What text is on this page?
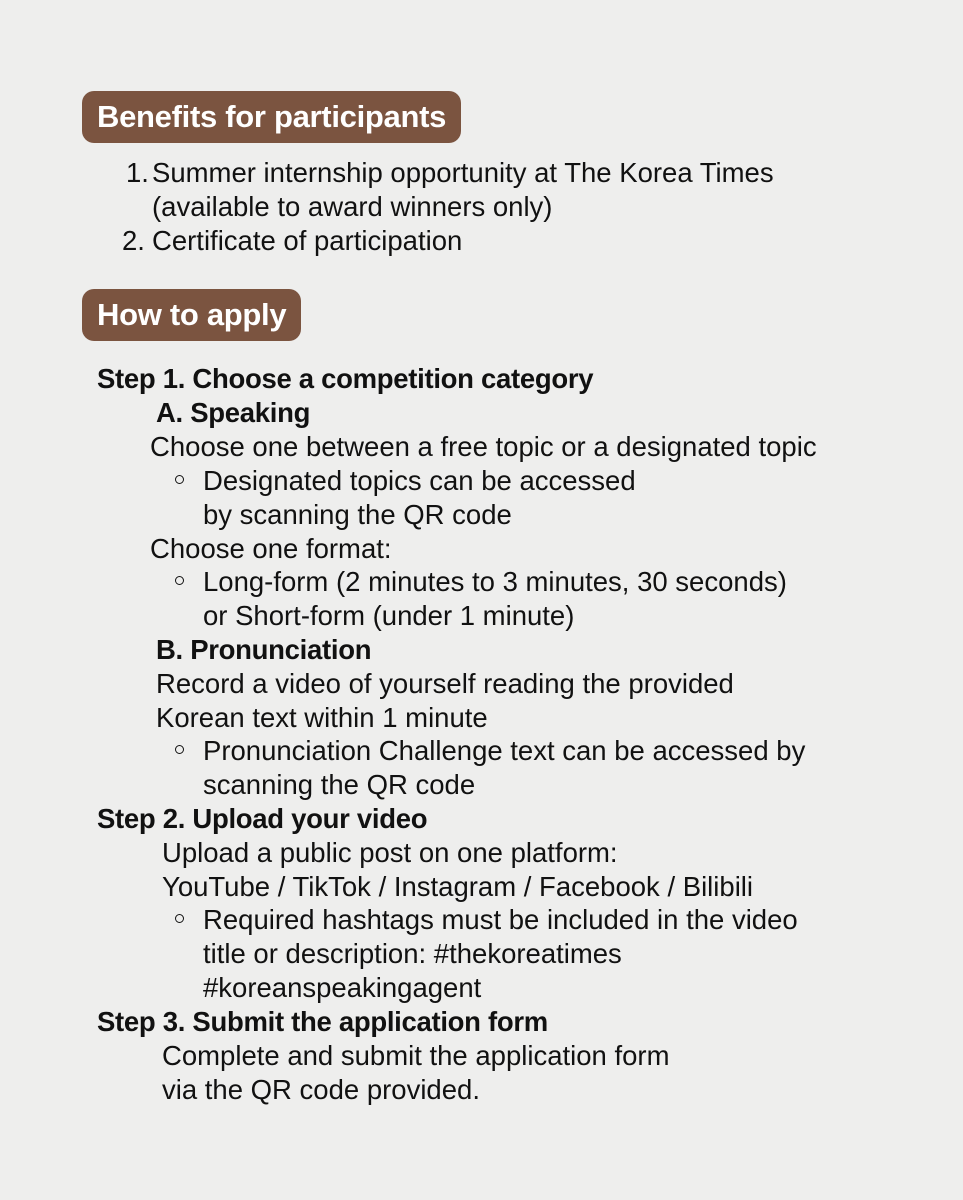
Benefits for participants
1. Summer internship opportunity at The Korea Times
(available to award winners only)
2. Certificate of participation
How to apply
Step 1. Choose a competition category
A. Speaking
Choose one between a free topic or a designated topic
Designated topics can be accessed
by scanning the QR code
Choose one format:
Long-form (2 minutes to 3 minutes, 30 seconds)
or Short-form (under 1 minute)
B. Pronunciation
Record a video of yourself reading the provided
Korean text within 1 minute
Pronunciation Challenge text can be accessed by
scanning the QR code
Step 2. Upload your video
Upload a public post on one platform:
YouTube / TikTok / Instagram / Facebook / Bilibili
Required hashtags must be included in the video
title or description: #thekoreatimes
#koreanspeakingagent
Step 3. Submit the application form
Complete and submit the application form
via the QR code provided.
